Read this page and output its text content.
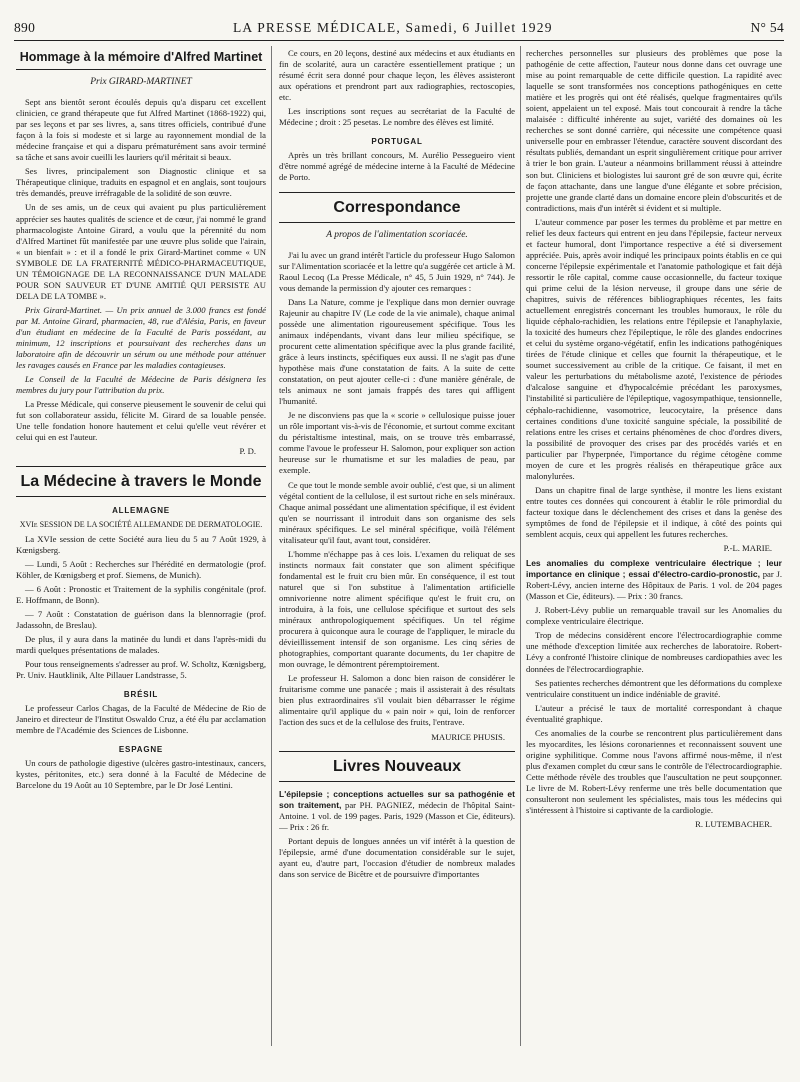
890	LA PRESSE MÉDICALE, Samedi, 6 Juillet 1929	N° 54
Hommage à la mémoire d'Alfred Martinet
Prix GIRARD-MARTINET

Sept ans bientôt seront écoulés depuis qu'a disparu cet excellent clinicien, ce grand thérapeute que fut Alfred Martinet (1868-1922) qui, par ses leçons et par ses livres, a, sans titres officiels, contribué d'une façon à la fois si modeste et si large au rayonnement mondial de la médecine française et qui a disparu prématurément sans avoir terminé sa tâche et sans avoir cueilli les lauriers qu'il méritait si beaux.

Ses livres, principalement son Diagnostic clinique et sa Thérapeutique clinique, traduits en espagnol et en anglais, sont toujours très demandés, preuve irréfragable de la solidité de son œuvre.

Un de ses amis, un de ceux qui avaient pu plus particulièrement apprécier ses hautes qualités de science et de cœur, j'ai nommé le grand pharmacologiste Antoine Girard, a voulu que la pérennité du nom d'Alfred Martinet fût manifestée par une œuvre plus solide que l'airain, « un bienfait » : et il a fondé le prix Girard-Martinet comme « UN SYMBOLE DE LA FRATERNITÉ MÉDICO-PHARMACEUTIQUE, UN TÉMOIGNAGE DE LA RECONNAISSANCE D'UN MALADE POUR SON SAUVEUR ET D'UNE AMITIÉ QUI PERSISTE AU DELA DE LA TOMBE ».

Prix Girard-Martinet. — Un prix annuel de 3.000 francs est fondé par M. Antoine Girard, pharmacien, 48, rue d'Alésia, Paris, en faveur d'un étudiant en médecine de la Faculté de Paris possédant, au minimum, 12 inscriptions et poursuivant des recherches dans un laboratoire afin de découvrir un sérum ou une méthode pour atténuer les ravages causés en France par les maladies contagieuses.

Le Conseil de la Faculté de Médecine de Paris désignera les membres du jury pour l'attribution du prix.

La Presse Médicale, qui conserve pieusement le souvenir de celui qui fut son collaborateur assidu, félicite M. Girard de sa louable pensée. Une telle fondation honore hautement et celui qu'elle veut révérer et celui qui en est l'auteur.

P. D.

La Médecine à travers le Monde
ALLEMAGNE
XVIe SESSION DE LA SOCIÉTÉ ALLEMANDE DE DERMATOLOGIE.

La XVIe session de cette Société aura lieu du 5 au 7 Août 1929, à Kœnigsberg.

— Lundi, 5 Août : Recherches sur l'hérédité en dermatologie (prof. Köhler, de Kœnigsberg et prof. Siemens, de Munich).

— 6 Août : Pronostic et Traitement de la syphilis congénitale (prof. E. Hoffmann, de Bonn).

— 7 Août : Constatation de guérison dans la blennorragie (prof. Jadassohn, de Breslau).

De plus, il y aura dans la matinée du lundi et dans l'après-midi du mardi quelques présentations de malades.

Pour tous renseignements s'adresser au prof. W. Scholtz, Kœnigsberg, Pr. Univ. Hautklinik, Alte Pillauer Landstrasse, 5.

BRÉSIL

Le professeur Carlos Chagas, de la Faculté de Médecine de Rio de Janeiro et directeur de l'Institut Oswaldo Cruz, a été élu par acclamation membre de l'Académie des Sciences de Lisbonne.

ESPAGNE

Un cours de pathologie digestive (ulcères gastro-intestinaux, cancers, kystes, péritonites, etc.) sera donné à la Faculté de Médecine de Barcelone du 19 Août au 10 Septembre, par le Dr José Lentini.

Ce cours, en 20 leçons, destiné aux médecins et aux étudiants en fin de scolarité, aura un caractère essentiellement pratique ; un résumé écrit sera donné pour chaque leçon, les élèves assisteront aux opérations et prendront part aux radiographies, rectoscopies, etc.

Les inscriptions sont reçues au secrétariat de la Faculté de Médecine ; droit : 25 pesetas. Le nombre des élèves est limité.

PORTUGAL

Après un très brillant concours, M. Aurélio Pessegueiro vient d'être nommé agrégé de médecine interne à la Faculté de Médecine de Porto.

Correspondance
A propos de l'alimentation scoriacée.

J'ai lu avec un grand intérêt l'article du professeur Hugo Salomon sur l'Alimentation scoriacée et la lettre qu'a suggérée cet article à M. Raoul Lecoq (La Presse Médicale, n° 45, 5 Juin 1929, n° 744). Je vous demande la permission d'y ajouter ces remarques :

Dans La Nature, comme je l'explique dans mon dernier ouvrage Rajeunir au chapitre IV (Le code de la vie animale), chaque animal possède une alimentation rigoureusement spécifique. Tous les animaux indépendants, vivant dans leur milieu spécifique, se procurent cette alimentation spécifique avec la plus grande facilité, grâce à leurs instincts, spécifiques eux aussi. Il ne s'agit pas d'une hypothèse mais d'une constatation de faits. A la suite de cette constatation, on peut ajouter celle-ci : d'une manière générale, de tels animaux ne sont jamais frappés des tares qui affligent l'humanité.

Je ne disconviens pas que la « scorie » cellulosique puisse jouer un rôle important vis-à-vis de l'économie, et surtout comme excitant du péristaltisme intestinal, mais, on se trouve très embarrassé, comme l'avoue le professeur H. Salomon, pour expliquer son action heureuse sur le rhumatisme et sur les maladies de peau, par exemple.

Ce que tout le monde semble avoir oublié, c'est que, si un aliment végétal contient de la cellulose, il est surtout riche en sels minéraux. Chaque animal possédant une alimentation spécifique, il est évident qu'en se nourrissant il introduit dans son organisme des sels minéraux spécifiques. Le sel minéral spécifique, voilà l'élément vitalisateur qu'il faut, avant tout, considérer.

L'homme n'échappe pas à ces lois. L'examen du reliquat de ses instincts normaux fait constater que son aliment spécifique fondamental est le fruit cru bien mûr. En conséquence, il est tout naturel que si l'on substitue à l'alimentation artificielle omnivorienne notre aliment spécifique qu'est le fruit cru, on introduira, à la fois, une cellulose spécifique et surtout des sels minéraux anthropologiquement spécifiques. Un tel régime procurera à quiconque aura le courage de l'appliquer, le miracle du dévieillissement intensif de son organisme. Les cinq séries de photographies, comportant quarante documents, du 1er chapitre de mon ouvrage, le démontrent péremptoirement.

Le professeur H. Salomon a donc bien raison de considérer le fruitarisme comme une panacée ; mais il assisterait à des résultats bien plus extraordinaires s'il voulait bien débarrasser le régime alimentaire qu'il applique du « pain noir » qui, loin de renforcer l'action des sucs et de la cellulose des fruits, l'entrave.

MAURICE PHUSIS.

Livres Nouveaux

L'épilepsie ; conceptions actuelles sur sa pathogénie et son traitement, par PH. PAGNIEZ, médecin de l'hôpital Saint-Antoine. 1 vol. de 199 pages. Paris, 1929 (Masson et Cie, éditeurs). — Prix : 26 fr.

Portant depuis de longues années un vif intérêt à la question de l'épilepsie, armé d'une documentation considérable sur le sujet, ayant eu, d'autre part, l'occasion d'étudier de nombreux malades dans son service de Bicêtre et de poursuivre d'importantes

recherches personnelles sur plusieurs des problèmes que pose la pathogénie de cette affection, l'auteur nous donne dans cet ouvrage une mise au point remarquable de cette difficile question. La rapidité avec laquelle se sont transformées nos conceptions pathogéniques en cette matière et les progrès qui ont été réalisés, quelque fragmentaires qu'ils soient, appelaient un tel exposé. Mais tout concourait à rendre la tâche malaisée : difficulté inhérente au sujet, variété des domaines où les recherches se sont donné carrière, qui nécessite une compétence quasi universelle pour en embrasser l'étendue, caractère souvent discordant des résultats publiés, demandant un esprit singulièrement critique pour arriver à trier le bon grain. L'auteur a néanmoins brillamment réussi à atteindre son but. Cliniciens et biologistes lui sauront gré de son œuvre qui, écrite de façon attachante, dans une langue d'une élégante et sobre précision, projette une grande clarté dans un domaine encore plein d'obscurités et de contradictions, mais d'un intérêt si évident et si multiple.

L'auteur commence par poser les termes du problème et par mettre en relief les deux facteurs qui entrent en jeu dans l'épilepsie, facteur nerveux et facteur humoral, dont l'importance respective a été si diversement appréciée. Puis, après avoir indiqué les principaux points établis en ce qui concerne l'épilepsie expérimentale et l'anatomie pathologique et fait déjà ressortir le rôle capital, comme cause occasionnelle, du facteur toxique qui prime celui de la lésion nerveuse, il groupe dans une série de chapitres, suivis de références bibliographiques récentes, les faits actuellement enregistrés concernant les troubles humoraux, le rôle du liquide céphalo-rachidien, les relations entre l'épilepsie et l'anaphylaxie, la toxicité des humeurs chez l'épileptique, le rôle des glandes endocrines et celui du système organo-végétatif, enfin les indications pathogéniques tirées de l'étude clinique et celles que fournit la thérapeutique, et le soumet successivement au crible de la critique. Ce faisant, il met en valeur les perturbations du métabolisme azoté, l'existence de périodes d'alcalose sanguine et d'hypocalcémie précédant les paroxysmes, l'instabilité si particulière de l'épileptique, vagosympathique, tensionnelle, céphalo-rachidienne, vasomotrice, leucocytaire, la présence dans certaines conditions d'une toxicité sanguine spéciale, la possibilité de relations entre les crises et certains phénomènes de choc d'ordres divers, la possibilité de provoquer des crises par des procédés variés et en particulier par l'hyperpnée, l'importance du régime cétogène comme moyen de cure et les progrès réalisés en thérapeutique grâce aux malonylurées.

Dans un chapitre final de large synthèse, il montre les liens existant entre toutes ces données qui concourent à établir le rôle primordial du facteur toxique dans le déclenchement des crises et dans la genèse des symptômes de fond de l'épilepsie et il indique, à côté des points qui semblent acquis, ceux qui appellent les futures recherches.

P.-L. MARIE.

Les anomalies du complexe ventriculaire électrique ; leur importance en clinique ; essai d'électro-cardio-pronostic, par J. Robert-Lévy, ancien interne des Hôpitaux de Paris. 1 vol. de 204 pages (Masson et Cie, éditeurs). — Prix : 30 francs.

J. Robert-Lévy publie un remarquable travail sur les Anomalies du complexe ventriculaire électrique.

Trop de médecins considèrent encore l'électrocardiographie comme une méthode d'exception limitée aux recherches de laboratoire. Robert-Lévy a confronté l'histoire clinique de nombreuses cardiopathies avec les données de l'électrocardiographie.

Ses patientes recherches démontrent que les déformations du complexe ventriculaire constituent un indice indéniable de gravité.

L'auteur a précisé le taux de mortalité correspondant à chaque éventualité graphique.

Ces anomalies de la courbe se rencontrent plus particulièrement dans les myocardites, les lésions coronariennes et reconnaissent souvent une origine syphilitique. Comme nous l'avons affirmé nous-même, il n'est plus d'examen complet du cœur sans le contrôle de l'électrocardiographie. Cette méthode révèle des troubles que l'auscultation ne peut soupçonner. Le livre de M. Robert-Lévy renferme une très belle documentation que consulteront non seulement les spécialistes, mais tous les médecins qui s'intéressent à l'histoire si captivante de la cardiologie.

R. LUTEMBACHER.
